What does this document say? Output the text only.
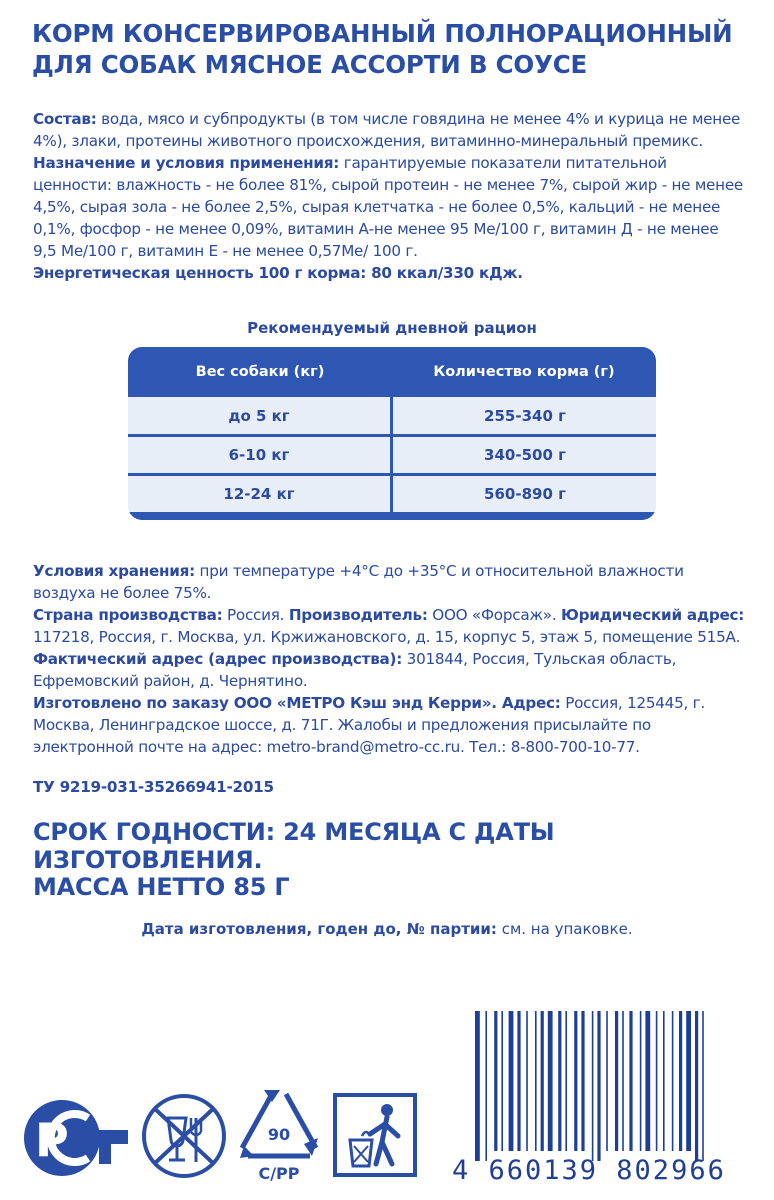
КОРМ КОНСЕРВИРОВАННЫЙ ПОЛНОРАЦИОННЫЙ
ДЛЯ СОБАК МЯСНОЕ АССОРТИ В СОУСЕ
Состав: вода, мясо и субпродукты (в том числе говядина не менее 4% и курица не менее 4%), злаки, протеины животного происхождения, витаминно-минеральный премикс.
Назначение и условия применения: гарантируемые показатели питательной ценности: влажность - не более 81%, сырой протеин - не менее 7%, сырой жир - не менее 4,5%, сырая зола - не более 2,5%, сырая клетчатка - не более 0,5%, кальций - не менее 0,1%, фосфор - не менее 0,09%, витамин А-не менее 95 Ме/100 г, витамин Д - не менее 9,5 Ме/100 г, витамин Е - не менее 0,57Ме/ 100 г.
Энергетическая ценность 100 г корма: 80 ккал/330 кДж.
Рекомендуемый дневной рацион
Вес собаки (кг)	Количество корма (г)
до 5 кг	255-340 г
6-10 кг	340-500 г
12-24 кг	560-890 г
Условия хранения: при температуре +4°С до +35°С и относительной влажности воздуха не более 75%.
Страна производства: Россия. Производитель: ООО «Форсаж». Юридический адрес: 117218, Россия, г. Москва, ул. Кржижановского, д. 15, корпус 5, этаж 5, помещение 515А. Фактический адрес (адрес производства): 301844, Россия, Тульская область, Ефремовский район, д. Чернятино.
Изготовлено по заказу ООО «МЕТРО Кэш энд Керри». Адрес: Россия, 125445, г. Москва, Ленинградское шоссе, д. 71Г. Жалобы и предложения присылайте по электронной почте на адрес: metro-brand@metro-cc.ru. Тел.: 8-800-700-10-77.
ТУ 9219-031-35266941-2015
СРОК ГОДНОСТИ: 24 МЕСЯЦА С ДАТЫ ИЗГОТОВЛЕНИЯ.
МАССА НЕТТО 85 Г
Дата изготовления, годен до, № партии: см. на упаковке.
Р	90
C/PP	4 660139 802966
